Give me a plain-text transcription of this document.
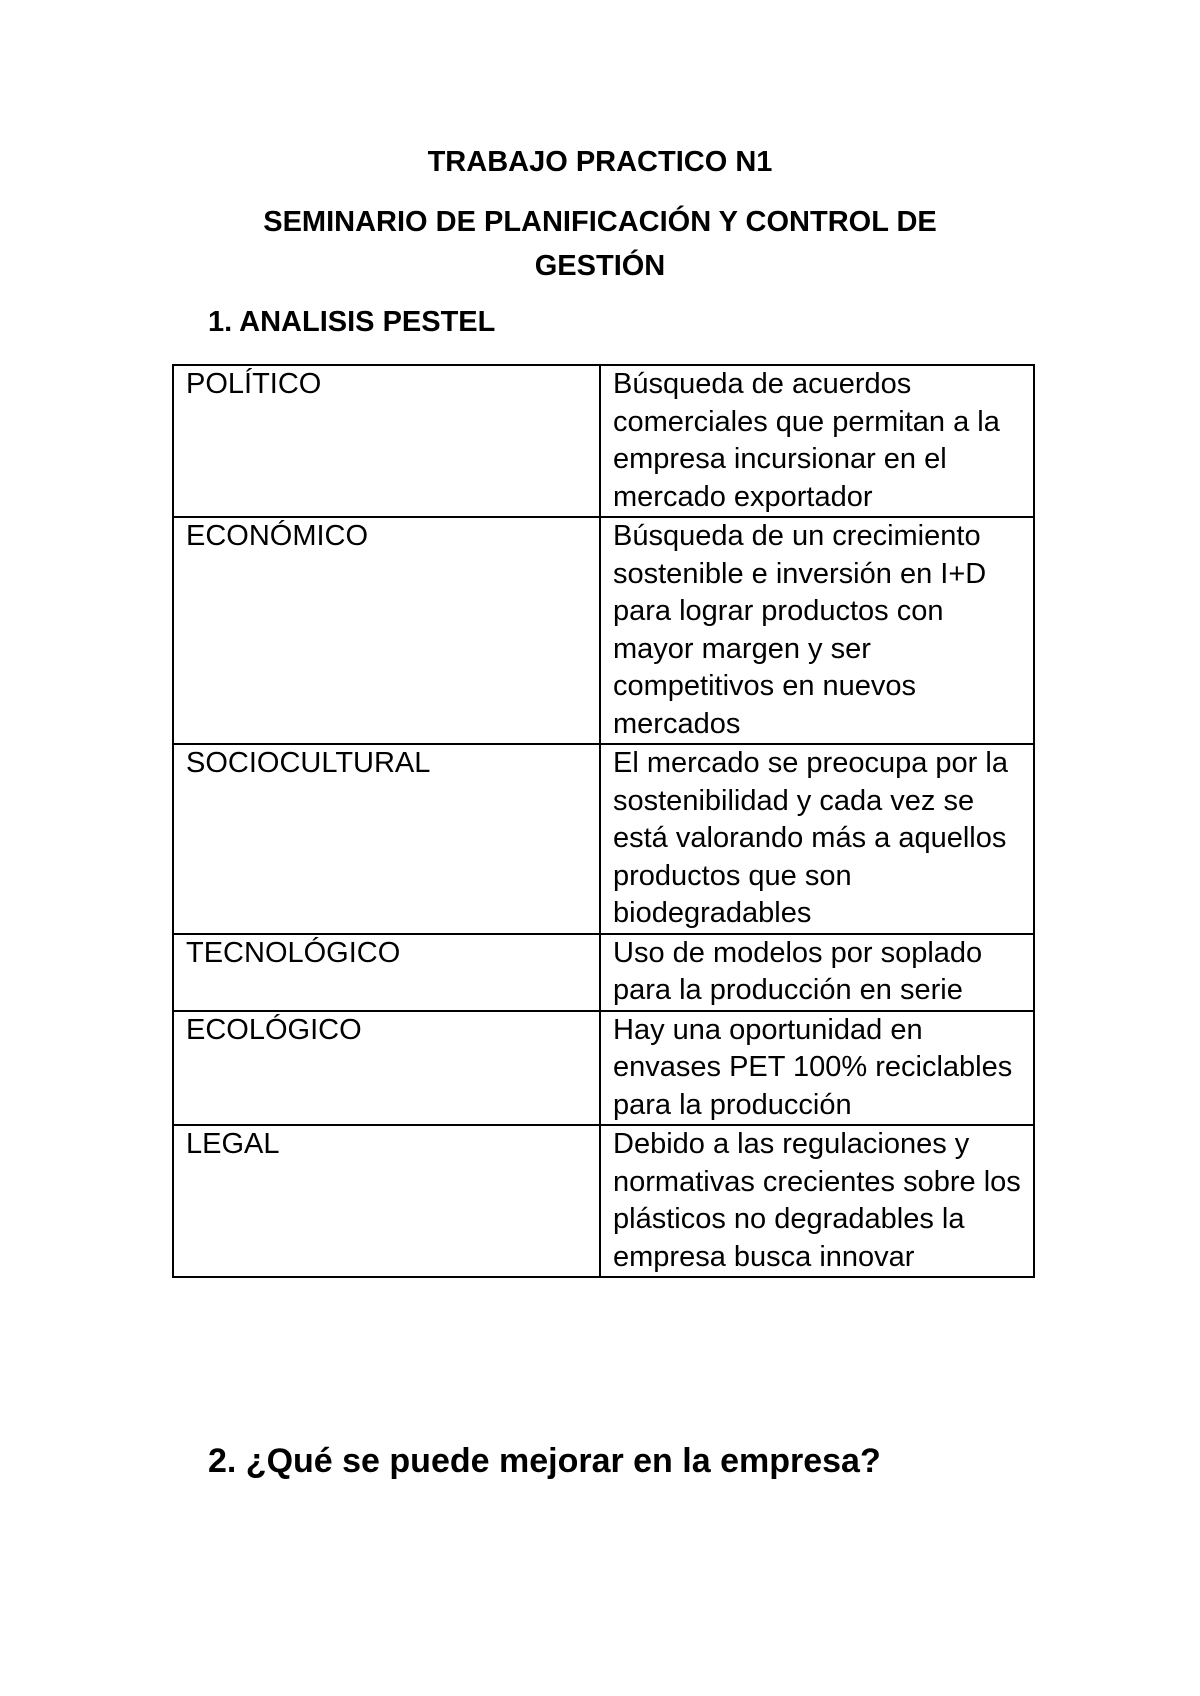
TRABAJO PRACTICO N1
SEMINARIO DE PLANIFICACIÓN Y CONTROL DE GESTIÓN
1. ANALISIS PESTEL
POLÍTICO	Búsqueda de acuerdos comerciales que permitan a la empresa incursionar en el mercado exportador
ECONÓMICO	Búsqueda de un crecimiento sostenible e inversión en I+D para lograr productos con mayor margen y ser competitivos en nuevos mercados
SOCIOCULTURAL	El mercado se preocupa por la sostenibilidad y cada vez se está valorando más a aquellos productos que son biodegradables
TECNOLÓGICO	Uso de modelos por soplado para la producción en serie
ECOLÓGICO	Hay una oportunidad en envases PET 100% reciclables para la producción
LEGAL	Debido a las regulaciones y normativas crecientes sobre los plásticos no degradables la empresa busca innovar
2. ¿Qué se puede mejorar en la empresa?
